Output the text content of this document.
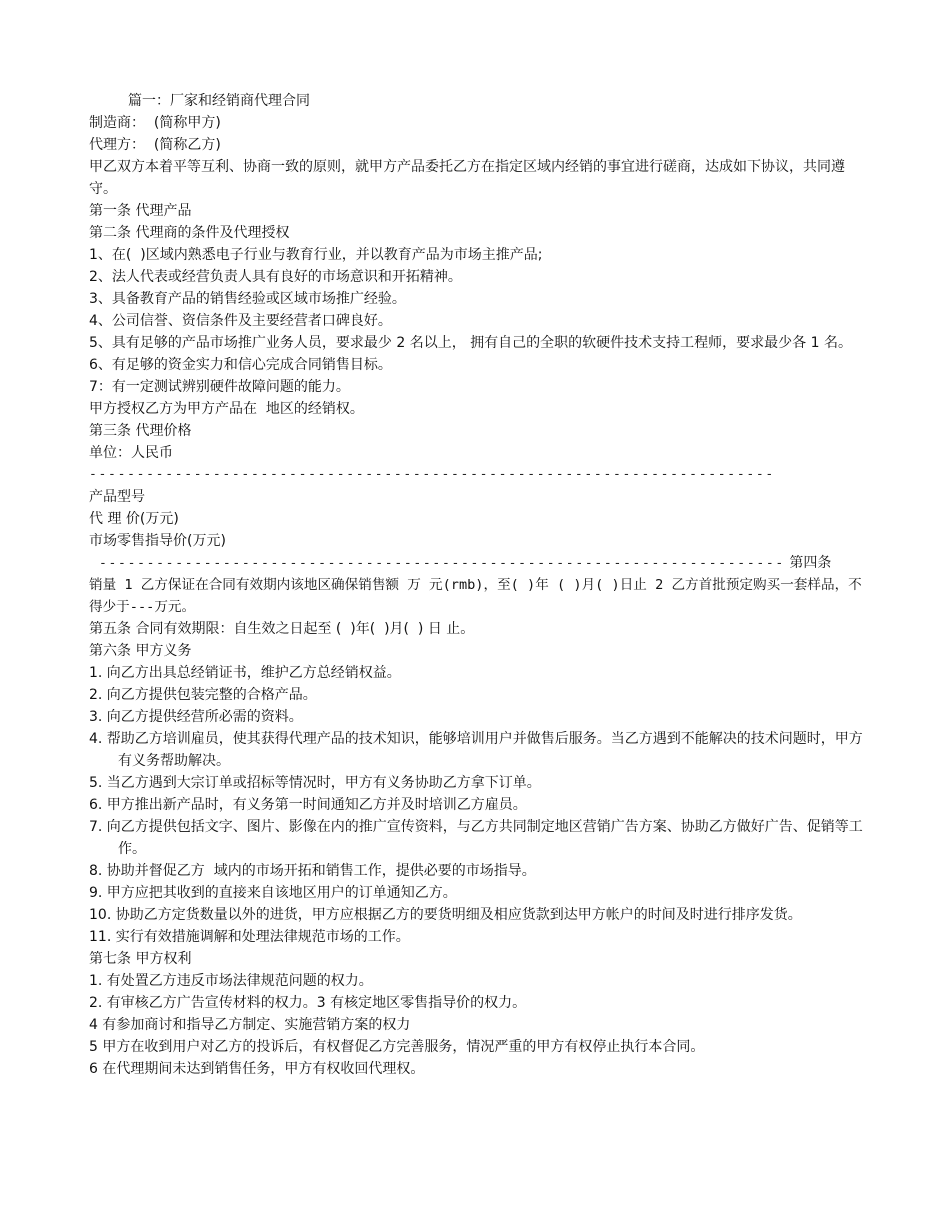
篇一：厂家和经销商代理合同
制造商：  (简称甲方)
代理方：  (简称乙方)
甲乙双方本着平等互利、协商一致的原则，就甲方产品委托乙方在指定区域内经销的事宜进行磋商，达成如下协议，共同遵守。
第一条 代理产品
第二条 代理商的条件及代理授权
1、在(  )区域内熟悉电子行业与教育行业，并以教育产品为市场主推产品;
2、法人代表或经营负责人具有良好的市场意识和开拓精神。
3、具备教育产品的销售经验或区域市场推广经验。
4、公司信誉、资信条件及主要经营者口碑良好。
5、具有足够的产品市场推广业务人员，要求最少 2 名以上， 拥有自己的全职的软硬件技术支持工程师，要求最少各 1 名。
6、有足够的资金实力和信心完成合同销售目标。
7：有一定测试辨别硬件故障问题的能力。
甲方授权乙方为甲方产品在  地区的经销权。
第三条 代理价格
单位：人民币
------------------------------------------------------------------------
产品型号
代 理 价(万元)
市场零售指导价(万元)
------------------------------------------------------------------------ 第四条
销量 1 乙方保证在合同有效期内该地区确保销售额 万 元(rmb)，至( )年 ( )月( )日止 2 乙方首批预定购买一套样品，不得少于---万元。
第五条 合同有效期限：自生效之日起至 (  )年(  )月(  ) 日 止。
第六条 甲方义务
1. 向乙方出具总经销证书，维护乙方总经销权益。
2. 向乙方提供包装完整的合格产品。
3. 向乙方提供经营所必需的资料。
4. 帮助乙方培训雇员，使其获得代理产品的技术知识，能够培训用户并做售后服务。当乙方遇到不能解决的技术问题时，甲方有义务帮助解决。
5. 当乙方遇到大宗订单或招标等情况时，甲方有义务协助乙方拿下订单。
6. 甲方推出新产品时，有义务第一时间通知乙方并及时培训乙方雇员。
7. 向乙方提供包括文字、图片、影像在内的推广宣传资料，与乙方共同制定地区营销广告方案、协助乙方做好广告、促销等工作。
8. 协助并督促乙方  域内的市场开拓和销售工作，提供必要的市场指导。
9. 甲方应把其收到的直接来自该地区用户的订单通知乙方。
10. 协助乙方定货数量以外的进货，甲方应根据乙方的要货明细及相应货款到达甲方帐户的时间及时进行排序发货。
11. 实行有效措施调解和处理法律规范市场的工作。
第七条 甲方权利
1. 有处置乙方违反市场法律规范问题的权力。
2. 有审核乙方广告宣传材料的权力。3 有核定地区零售指导价的权力。
4 有参加商讨和指导乙方制定、实施营销方案的权力
5 甲方在收到用户对乙方的投诉后，有权督促乙方完善服务，情况严重的甲方有权停止执行本合同。
6 在代理期间未达到销售任务，甲方有权收回代理权。
